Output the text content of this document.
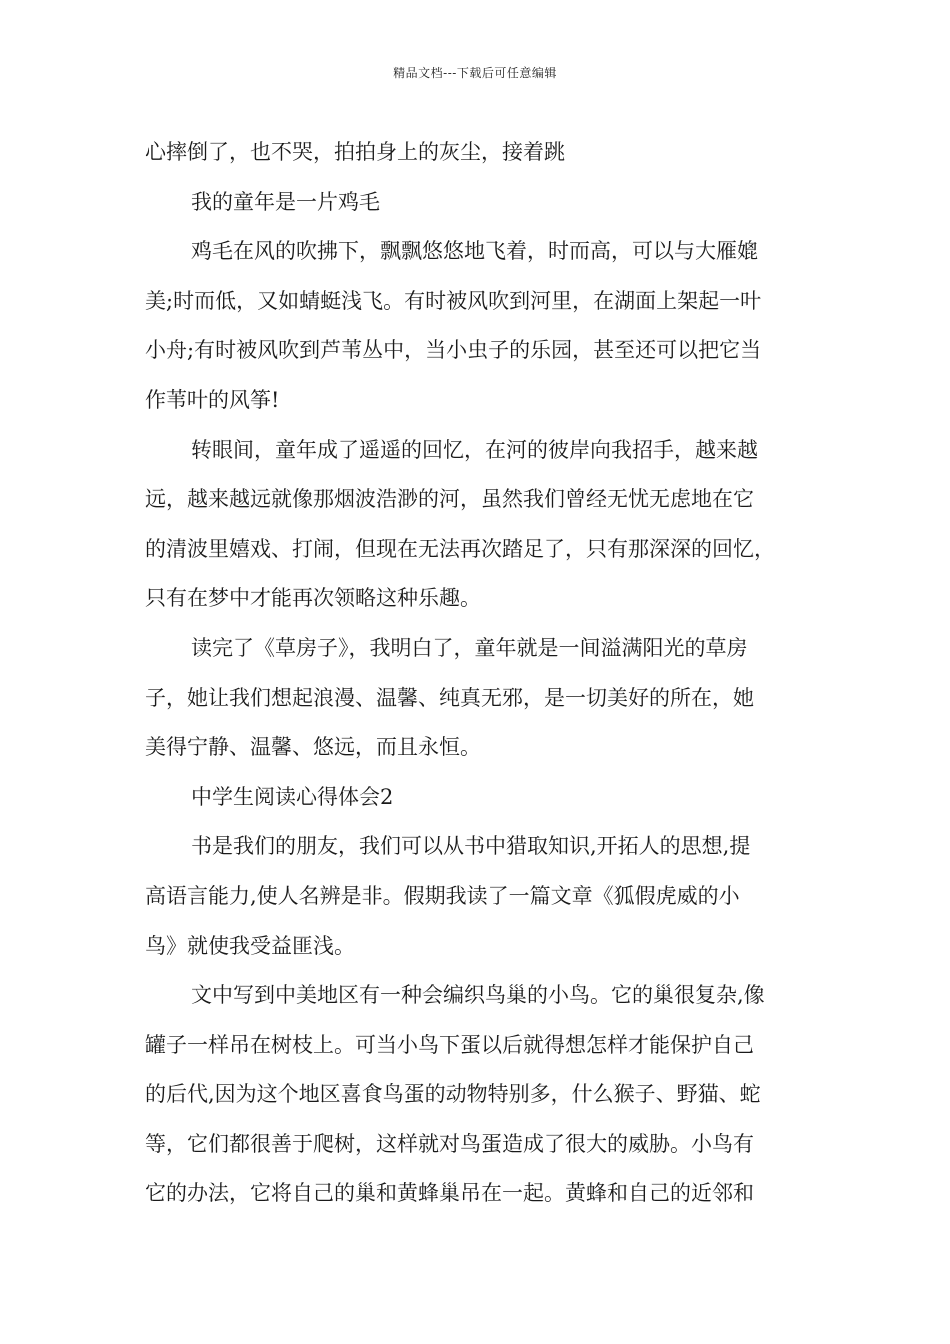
精品文档---下载后可任意编辑
心摔倒了，也不哭，拍拍身上的灰尘，接着跳
我的童年是一片鸡毛
鸡毛在风的吹拂下，飘飘悠悠地飞着，时而高，可以与大雁媲
美;时而低，又如蜻蜓浅飞。有时被风吹到河里，在湖面上架起一叶
小舟;有时被风吹到芦苇丛中，当小虫子的乐园，甚至还可以把它当
作苇叶的风筝!
转眼间，童年成了遥遥的回忆，在河的彼岸向我招手，越来越
远，越来越远就像那烟波浩渺的河，虽然我们曾经无忧无虑地在它
的清波里嬉戏、打闹，但现在无法再次踏足了，只有那深深的回忆，
只有在梦中才能再次领略这种乐趣。
读完了《草房子》，我明白了，童年就是一间溢满阳光的草房
子，她让我们想起浪漫、温馨、纯真无邪，是一切美好的所在，她
美得宁静、温馨、悠远，而且永恒。
中学生阅读心得体会2
书是我们的朋友，我们可以从书中猎取知识,开拓人的思想,提
高语言能力,使人名辨是非。假期我读了一篇文章《狐假虎威的小
鸟》就使我受益匪浅。
文中写到中美地区有一种会编织鸟巢的小鸟。它的巢很复杂,像
罐子一样吊在树枝上。可当小鸟下蛋以后就得想怎样才能保护自己
的后代,因为这个地区喜食鸟蛋的动物特别多，什么猴子、野猫、蛇
等，它们都很善于爬树，这样就对鸟蛋造成了很大的威胁。小鸟有
它的办法，它将自己的巢和黄蜂巢吊在一起。黄蜂和自己的近邻和
